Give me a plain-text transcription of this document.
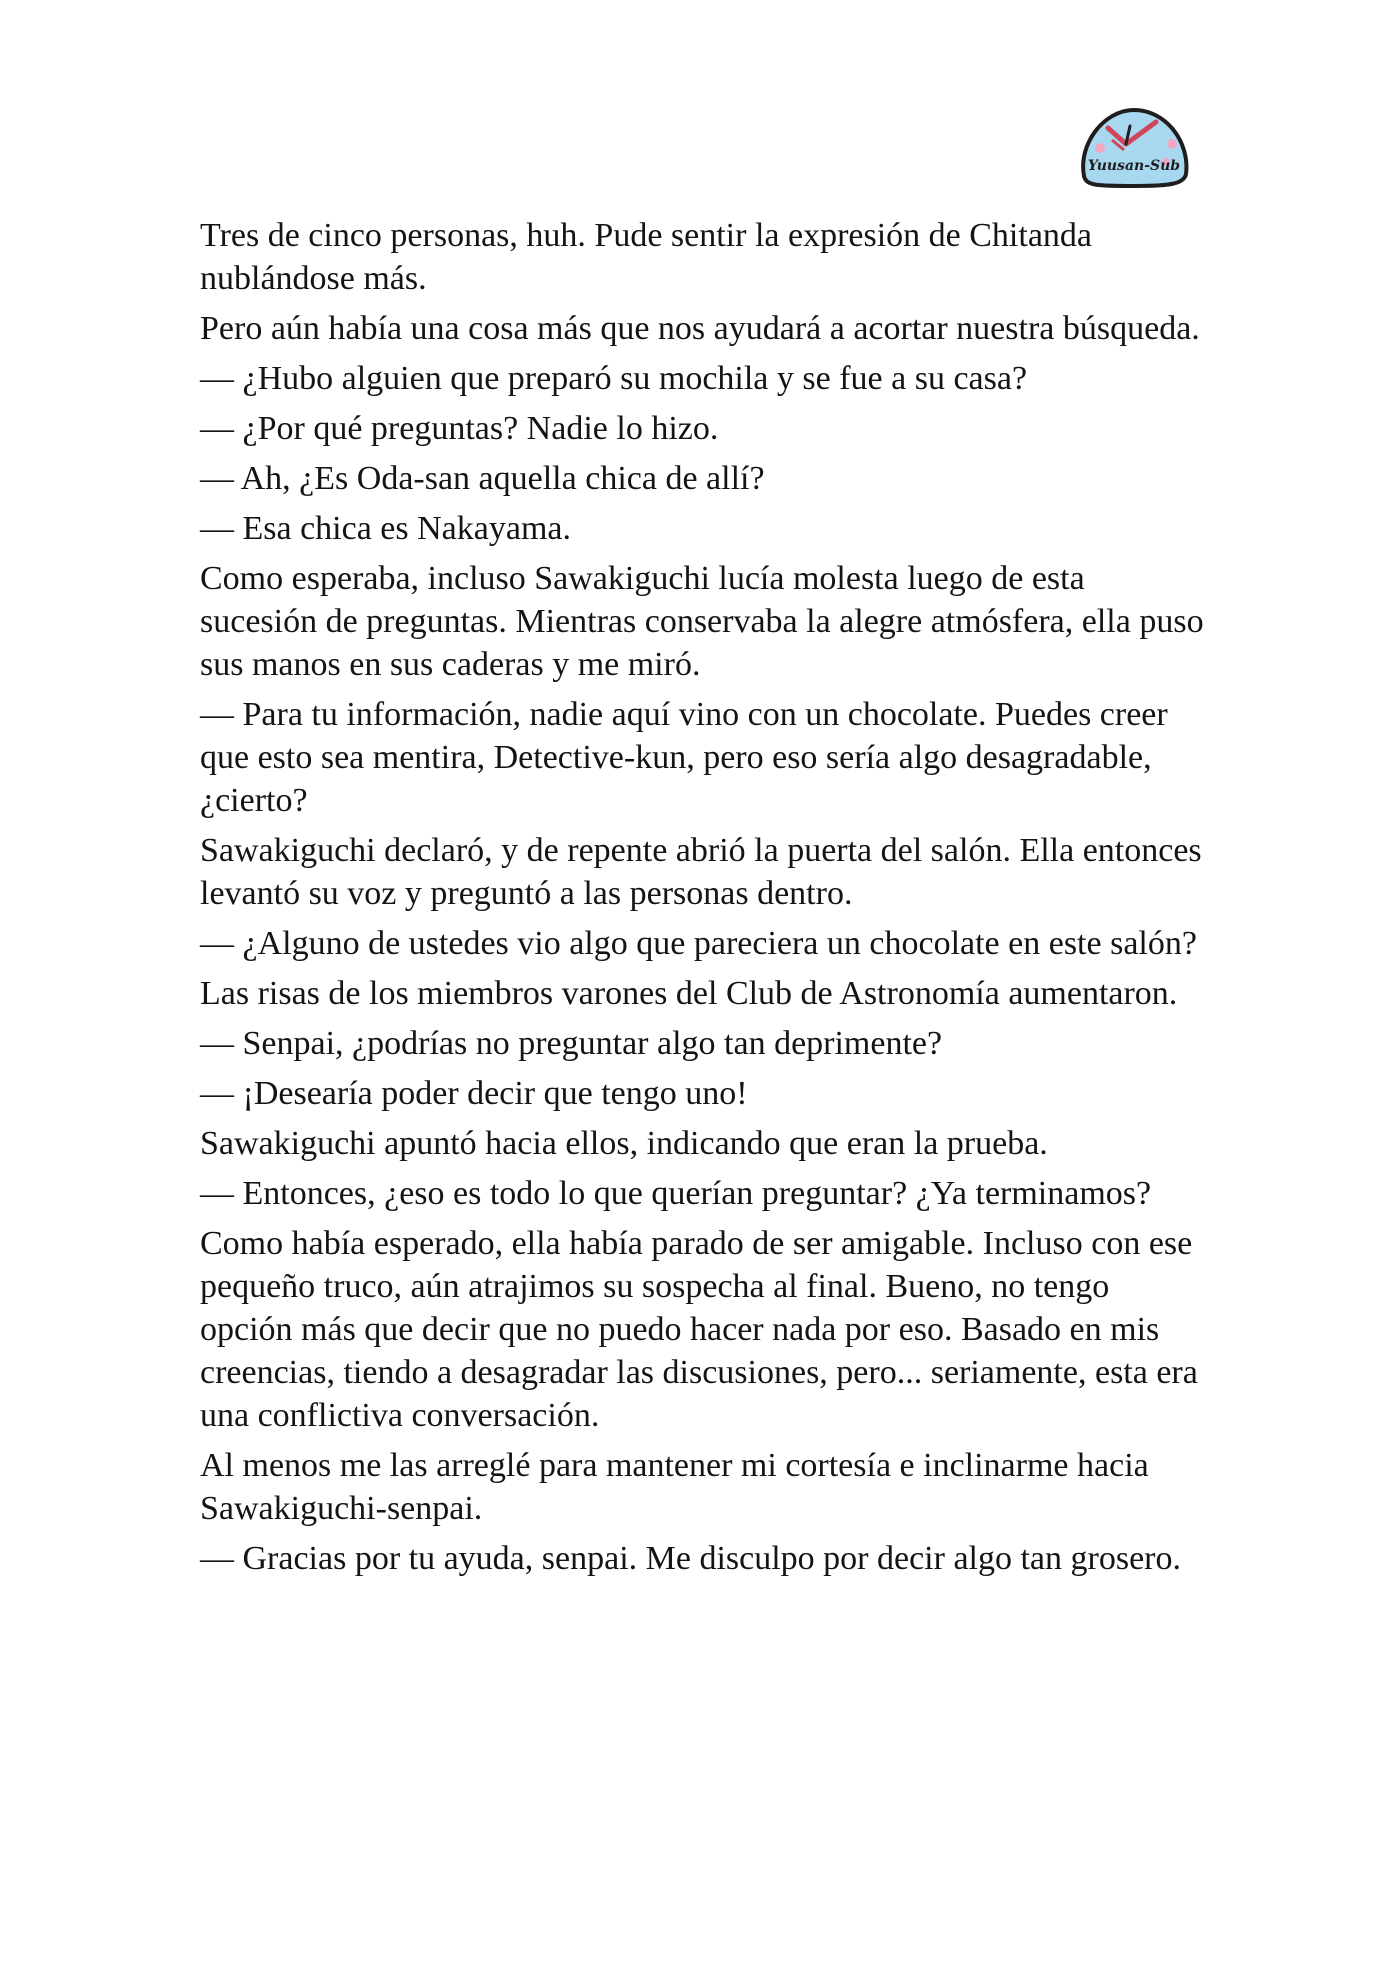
Yuusan-Sub

Tres de cinco personas, huh. Pude sentir la expresión de Chitanda nublándose más.

Pero aún había una cosa más que nos ayudará a acortar nuestra búsqueda.

— ¿Hubo alguien que preparó su mochila y se fue a su casa?

— ¿Por qué preguntas? Nadie lo hizo.

— Ah, ¿Es Oda-san aquella chica de allí?

— Esa chica es Nakayama.

Como esperaba, incluso Sawakiguchi lucía molesta luego de esta sucesión de preguntas. Mientras conservaba la alegre atmósfera, ella puso sus manos en sus caderas y me miró.

— Para tu información, nadie aquí vino con un chocolate. Puedes creer que esto sea mentira, Detective-kun, pero eso sería algo desagradable, ¿cierto?

Sawakiguchi declaró, y de repente abrió la puerta del salón. Ella entonces levantó su voz y preguntó a las personas dentro.

— ¿Alguno de ustedes vio algo que pareciera un chocolate en este salón?

Las risas de los miembros varones del Club de Astronomía aumentaron.

— Senpai, ¿podrías no preguntar algo tan deprimente?

— ¡Desearía poder decir que tengo uno!

Sawakiguchi apuntó hacia ellos, indicando que eran la prueba.

— Entonces, ¿eso es todo lo que querían preguntar? ¿Ya terminamos?

Como había esperado, ella había parado de ser amigable. Incluso con ese pequeño truco, aún atrajimos su sospecha al final. Bueno, no tengo opción más que decir que no puedo hacer nada por eso. Basado en mis creencias, tiendo a desagradar las discusiones, pero... seriamente, esta era una conflictiva conversación.

Al menos me las arreglé para mantener mi cortesía e inclinarme hacia Sawakiguchi-senpai.

— Gracias por tu ayuda, senpai. Me disculpo por decir algo tan grosero.
